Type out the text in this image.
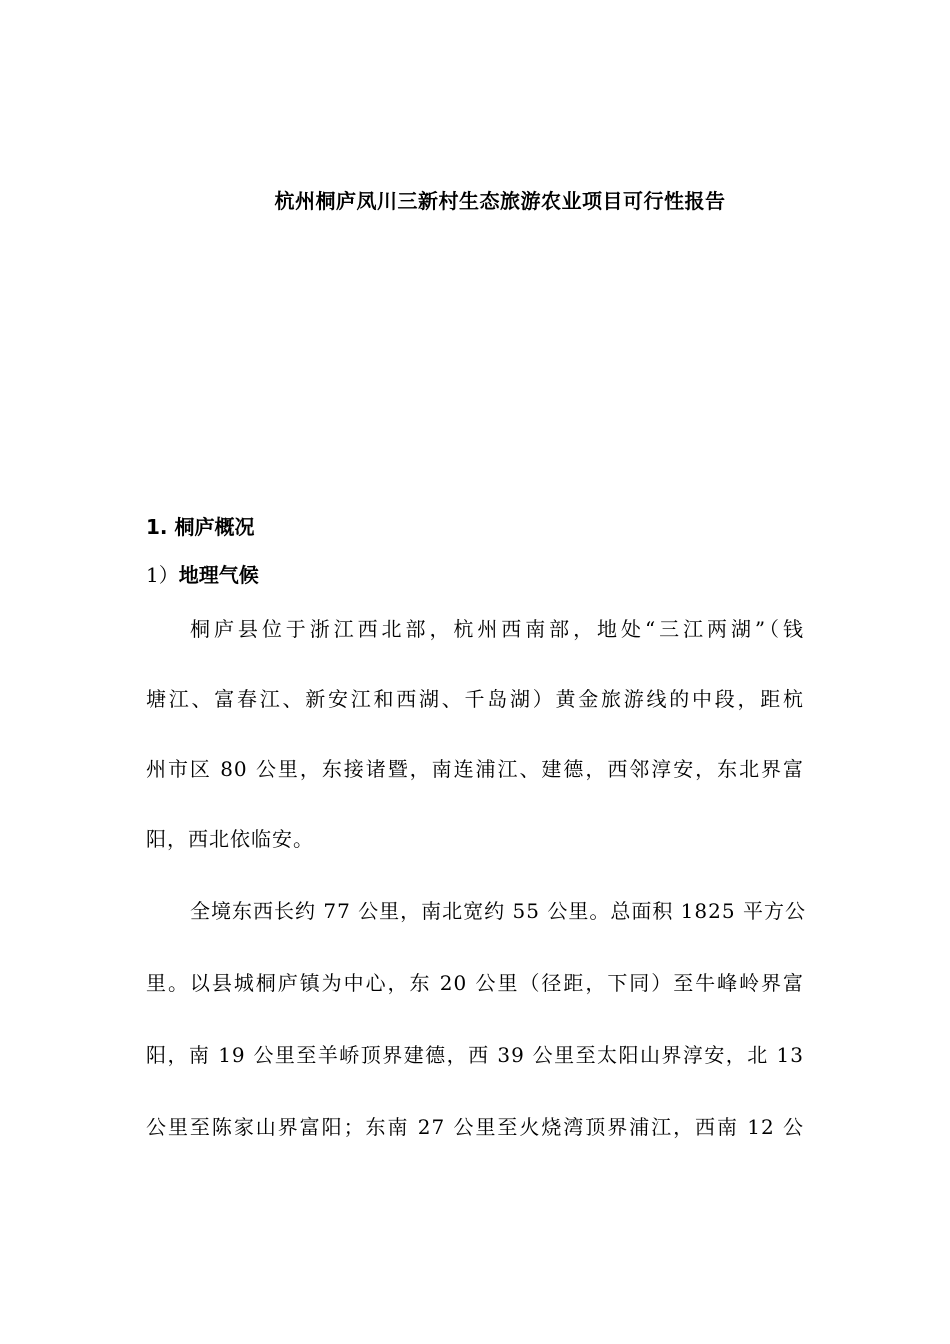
杭州桐庐凤川三新村生态旅游农业项目可行性报告
1. 桐庐概况
1）地理气候
桐庐县位于浙江西北部，杭州西南部，地处“三江两湖”（钱
塘江、富春江、新安江和西湖、千岛湖）黄金旅游线的中段，距杭
州市区 80 公里，东接诸暨，南连浦江、建德，西邻淳安，东北界富
阳，西北依临安。
全境东西长约 77 公里，南北宽约 55 公里。总面积 1825 平方公
里。以县城桐庐镇为中心，东 20 公里（径距，下同）至牛峰岭界富
阳，南 19 公里至羊峤顶界建德，西 39 公里至太阳山界淳安，北 13
公里至陈家山界富阳；东南 27 公里至火烧湾顶界浦江，西南 12 公
